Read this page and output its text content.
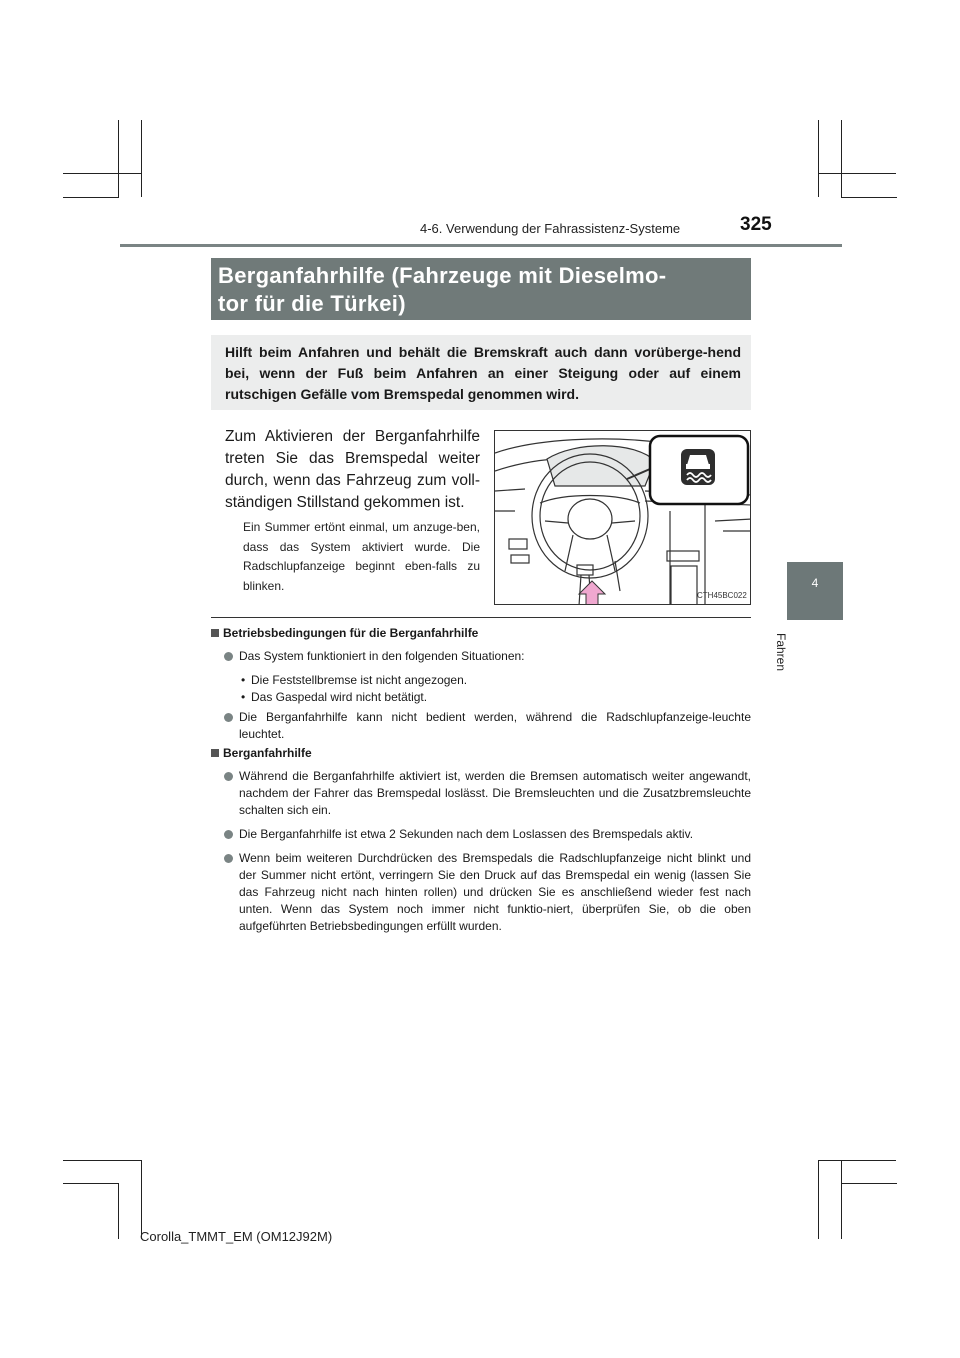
4-6. Verwendung der Fahrassistenz-Systeme	325
4
Fahren
Berganfahrhilfe (Fahrzeuge mit Dieselmo-
tor für die Türkei)
Hilft beim Anfahren und behält die Bremskraft auch dann vorüberge-hend bei, wenn der Fuß beim Anfahren an einer Steigung oder auf einem rutschigen Gefälle vom Bremspedal genommen wird.
Zum Aktivieren der Berganfahrhilfe treten Sie das Bremspedal weiter durch, wenn das Fahrzeug zum voll-ständigen Stillstand gekommen ist.
Ein Summer ertönt einmal, um anzuge-ben, dass das System aktiviert wurde. Die Radschlupfanzeige beginnt eben-falls zu blinken.
CTH45BC022
Betriebsbedingungen für die Berganfahrhilfe
Das System funktioniert in den folgenden Situationen:
• Die Feststellbremse ist nicht angezogen.
• Das Gaspedal wird nicht betätigt.
Die Berganfahrhilfe kann nicht bedient werden, während die Radschlupfanzeige-leuchte leuchtet.
Berganfahrhilfe
Während die Berganfahrhilfe aktiviert ist, werden die Bremsen automatisch weiter angewandt, nachdem der Fahrer das Bremspedal loslässt. Die Bremsleuchten und die Zusatzbremsleuchte schalten sich ein.
Die Berganfahrhilfe ist etwa 2 Sekunden nach dem Loslassen des Bremspedals aktiv.
Wenn beim weiteren Durchdrücken des Bremspedals die Radschlupfanzeige nicht blinkt und der Summer nicht ertönt, verringern Sie den Druck auf das Bremspedal ein wenig (lassen Sie das Fahrzeug nicht nach hinten rollen) und drücken Sie es anschließend wieder fest nach unten. Wenn das System noch immer nicht funktio-niert, überprüfen Sie, ob die oben aufgeführten Betriebsbedingungen erfüllt wurden.
Corolla_TMMT_EM (OM12J92M)
